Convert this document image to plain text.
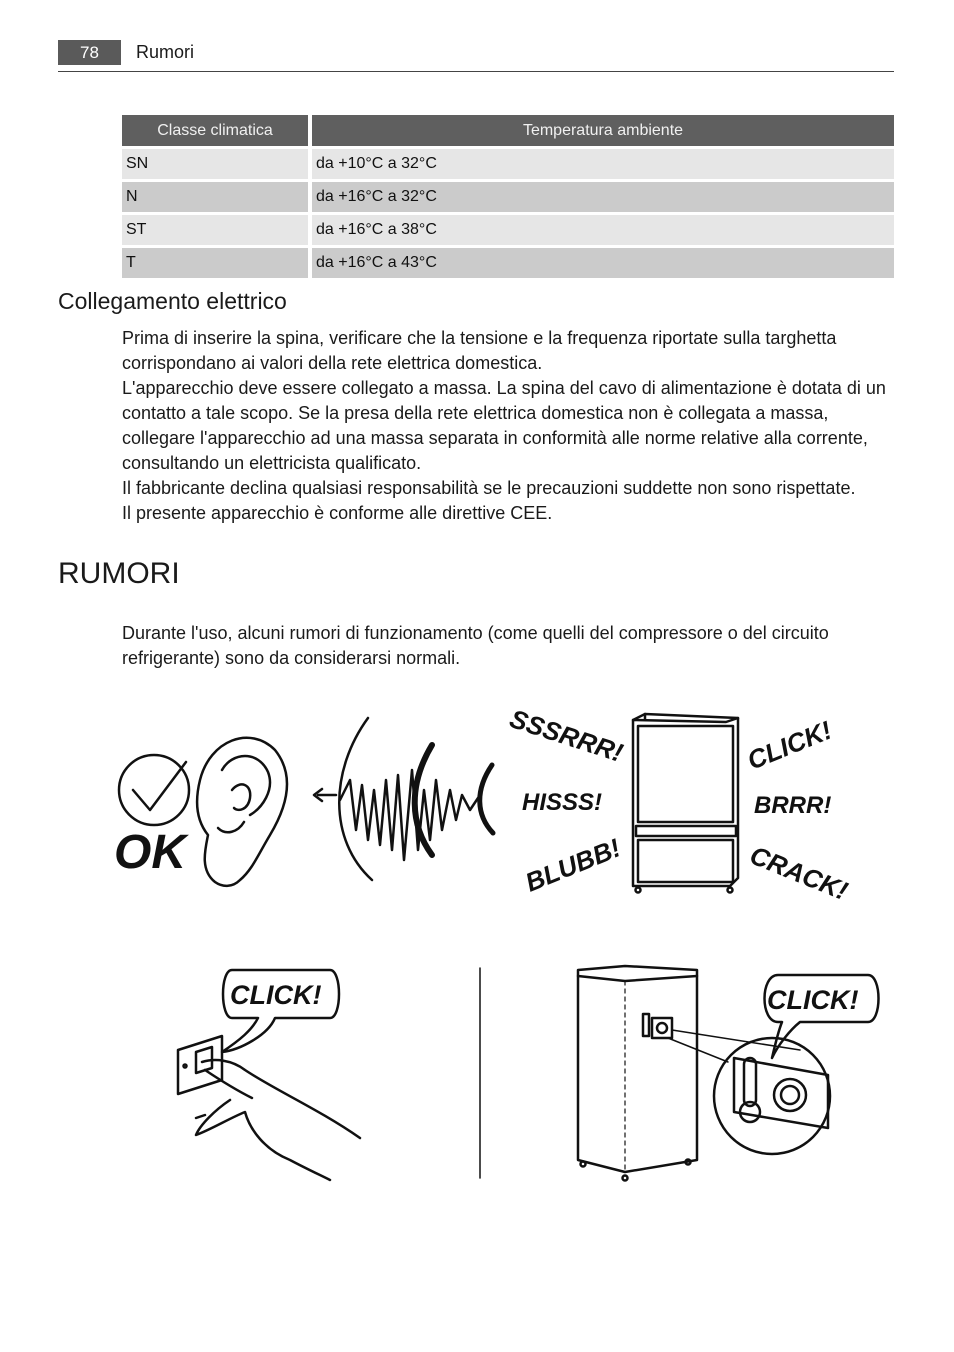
78	Rumori
Classe climatica	Temperatura ambiente
SN	da +10°C a 32°C
N	da +16°C a 32°C
ST	da +16°C a 38°C
T	da +16°C a 43°C
Collegamento elettrico

Prima di inserire la spina, verificare che la tensione e la frequenza riportate sulla targhetta corrispondano ai valori della rete elettrica domestica.

L'apparecchio deve essere collegato a massa. La spina del cavo di alimentazione è dotata di un contatto a tale scopo. Se la presa della rete elettrica domestica non è collegata a massa, collegare l'apparecchio ad una massa separata in conformità alle norme relative alla corrente, consultando un elettricista qualificato.

Il fabbricante declina qualsiasi responsabilità se le precauzioni suddette non sono rispettate.

Il presente apparecchio è conforme alle direttive CEE.

RUMORI

Durante l'uso, alcuni rumori di funzionamento (come quelli del compressore o del circuito refrigerante) sono da considerarsi normali.

OK
SSSRRR!
HISSS!
BLUBB!
CLICK!
BRRR!
CRACK!
CLICK!	CLICK!
